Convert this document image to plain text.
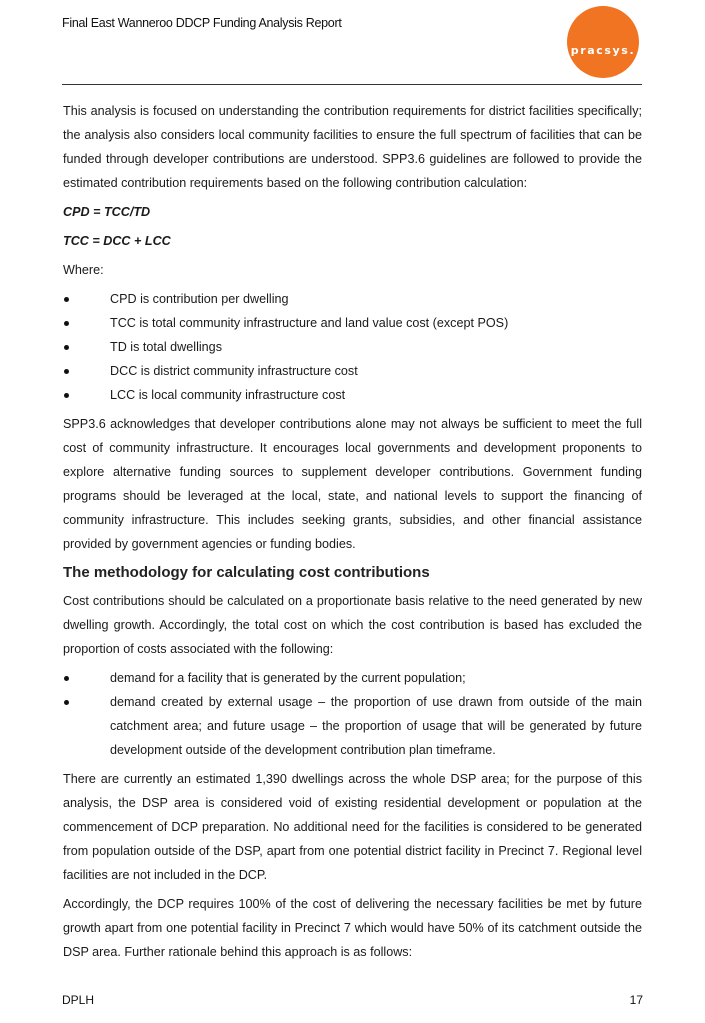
Final East Wanneroo DDCP Funding Analysis Report
pracsys.

This analysis is focused on understanding the contribution requirements for district facilities specifically; the analysis also considers local community facilities to ensure the full spectrum of facilities that can be funded through developer contributions are understood. SPP3.6 guidelines are followed to provide the estimated contribution requirements based on the following contribution calculation:

CPD = TCC/TD

TCC = DCC + LCC

Where:

CPD is contribution per dwelling
TCC is total community infrastructure and land value cost (except POS)
TD is total dwellings
DCC is district community infrastructure cost
LCC is local community infrastructure cost

SPP3.6 acknowledges that developer contributions alone may not always be sufficient to meet the full cost of community infrastructure. It encourages local governments and development proponents to explore alternative funding sources to supplement developer contributions. Government funding programs should be leveraged at the local, state, and national levels to support the financing of community infrastructure. This includes seeking grants, subsidies, and other financial assistance provided by government agencies or funding bodies.

The methodology for calculating cost contributions

Cost contributions should be calculated on a proportionate basis relative to the need generated by new dwelling growth. Accordingly, the total cost on which the cost contribution is based has excluded the proportion of costs associated with the following:

demand for a facility that is generated by the current population;
demand created by external usage – the proportion of use drawn from outside of the main catchment area; and future usage – the proportion of usage that will be generated by future development outside of the development contribution plan timeframe.

There are currently an estimated 1,390 dwellings across the whole DSP area; for the purpose of this analysis, the DSP area is considered void of existing residential development or population at the commencement of DCP preparation. No additional need for the facilities is considered to be generated from population outside of the DSP, apart from one potential district facility in Precinct 7. Regional level facilities are not included in the DCP.

Accordingly, the DCP requires 100% of the cost of delivering the necessary facilities be met by future growth apart from one potential facility in Precinct 7 which would have 50% of its catchment outside the DSP area. Further rationale behind this approach is as follows:

DPLH	17
